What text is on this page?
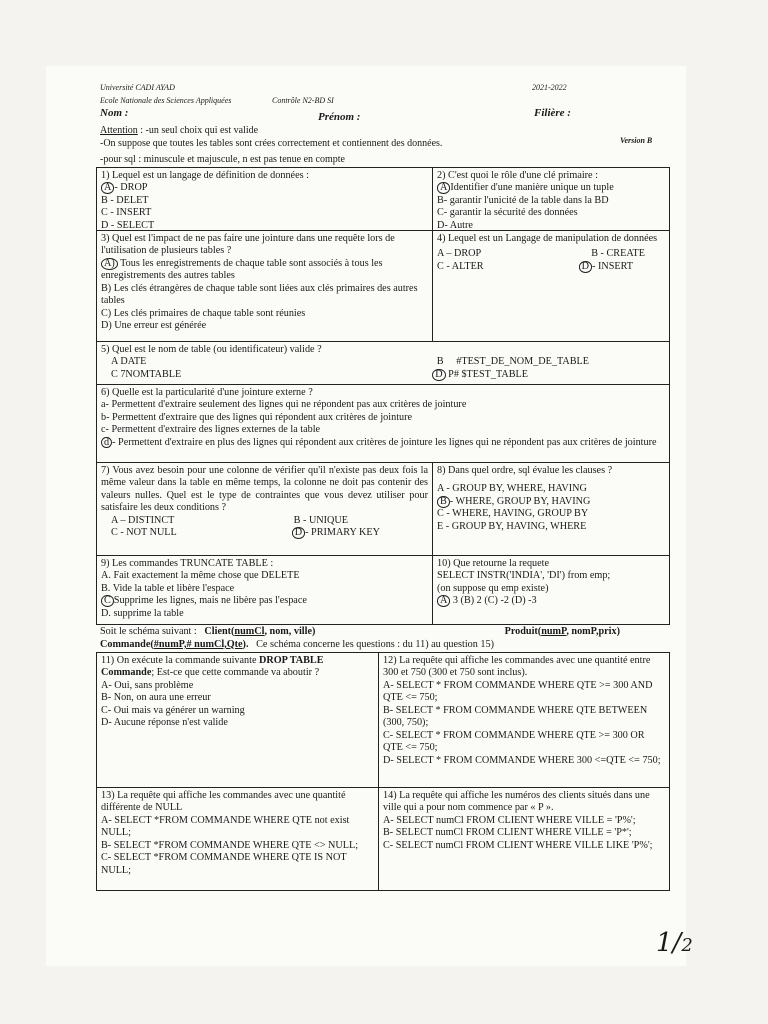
Université CADI AYAD	2021-2022
Ecole Nationale des Sciences Appliquées	Contrôle N2-BD SI
Nom :	Prénom :	Filière :
Version B
Attention : -un seul choix qui est valide
-On suppose que toutes les tables sont crées correctement et contiennent des données.
-pour sql : minuscule et majuscule, n est pas tenue en compte

1) Lequel est un langage de définition de données :

A - DROP

B - DELET

C - INSERT

D - SELECT

2) C'est quoi le rôle d'une clé primaire :

A Identifier d'une manière unique un tuple

B- garantir l'unicité de la table dans la BD

C- garantir la sécurité des données

D- Autre

3) Quel est l'impact de ne pas faire une jointure dans une requête lors de l'utilisation de plusieurs tables ?

A) Tous les enregistrements de chaque table sont associés à tous les enregistrements des autres tables

B) Les clés étrangères de chaque table sont liées aux clés primaires des autres tables

C) Les clés primaires de chaque table sont réunies

D) Une erreur est générée

4) Lequel est un Langage de manipulation de données

A – DROP	B - CREATE

C - ALTER	D - INSERT

5) Quel est le nom de table (ou identificateur) valide ?

A DATE	B #TEST_DE_NOM_DE_TABLE

C 7NOMTABLE	D P# $TEST_TABLE

6) Quelle est la particularité d'une jointure externe ?

a- Permettent d'extraire seulement des lignes qui ne répondent pas aux critères de jointure

b- Permettent d'extraire que des lignes qui répondent aux critères de jointure

c- Permettent d'extraire des lignes externes de la table

d - Permettent d'extraire en plus des lignes qui répondent aux critères de jointure les lignes qui ne répondent pas aux critères de jointure

7) Vous avez besoin pour une colonne de vérifier qu'il n'existe pas deux fois la même valeur dans la table en même temps, la colonne ne doit pas contenir des valeurs nulles. Quel est le type de contraintes que vous devez utiliser pour satisfaire les deux conditions ?

A – DISTINCT	B - UNIQUE

C - NOT NULL	D - PRIMARY KEY

8) Dans quel ordre, sql évalue les clauses ?

A - GROUP BY, WHERE, HAVING

B - WHERE, GROUP BY, HAVING

C - WHERE, HAVING, GROUP BY

E - GROUP BY, HAVING, WHERE

9) Les commandes TRUNCATE TABLE :

A. Fait exactement la même chose que DELETE

B. Vide la table et libère l'espace

C Supprime les lignes, mais ne libère pas l'espace

D. supprime la table

10) Que retourne la requete

SELECT INSTR('INDIA', 'DI') from emp;

(on suppose qu emp existe)

A 3 (B) 2 (C) -2 (D) -3

Soit le schéma suivant : Client(numCl, nom, ville)	Produit(numP, nomP,prix)
Commande(#numP,# numCl,Qte). Ce schéma concerne les questions : du 11) au question 15)

11) On exécute la commande suivante DROP TABLE Commande; Est-ce que cette commande va aboutir ?

A- Oui, sans problème

B- Non, on aura une erreur

C- Oui mais va générer un warning

D- Aucune réponse n'est valide

12) La requête qui affiche les commandes avec une quantité entre 300 et 750 (300 et 750 sont inclus).

A- SELECT * FROM COMMANDE WHERE QTE >= 300 AND QTE <= 750;

B- SELECT * FROM COMMANDE WHERE QTE BETWEEN (300, 750);

C- SELECT * FROM COMMANDE WHERE QTE >= 300 OR QTE <= 750;

D- SELECT * FROM COMMANDE WHERE 300 <=QTE <= 750;

13) La requête qui affiche les commandes avec une quantité différente de NULL

A- SELECT *FROM COMMANDE WHERE QTE not exist NULL;

B- SELECT *FROM COMMANDE WHERE QTE <> NULL;

C- SELECT *FROM COMMANDE WHERE QTE IS NOT NULL;

14) La requête qui affiche les numéros des clients situés dans une ville qui a pour nom commence par « P ».

A- SELECT numCl FROM CLIENT WHERE VILLE = 'P%';

B- SELECT numCl FROM CLIENT WHERE VILLE = 'P*';

C- SELECT numCl FROM CLIENT WHERE VILLE LIKE 'P%';

1/2
